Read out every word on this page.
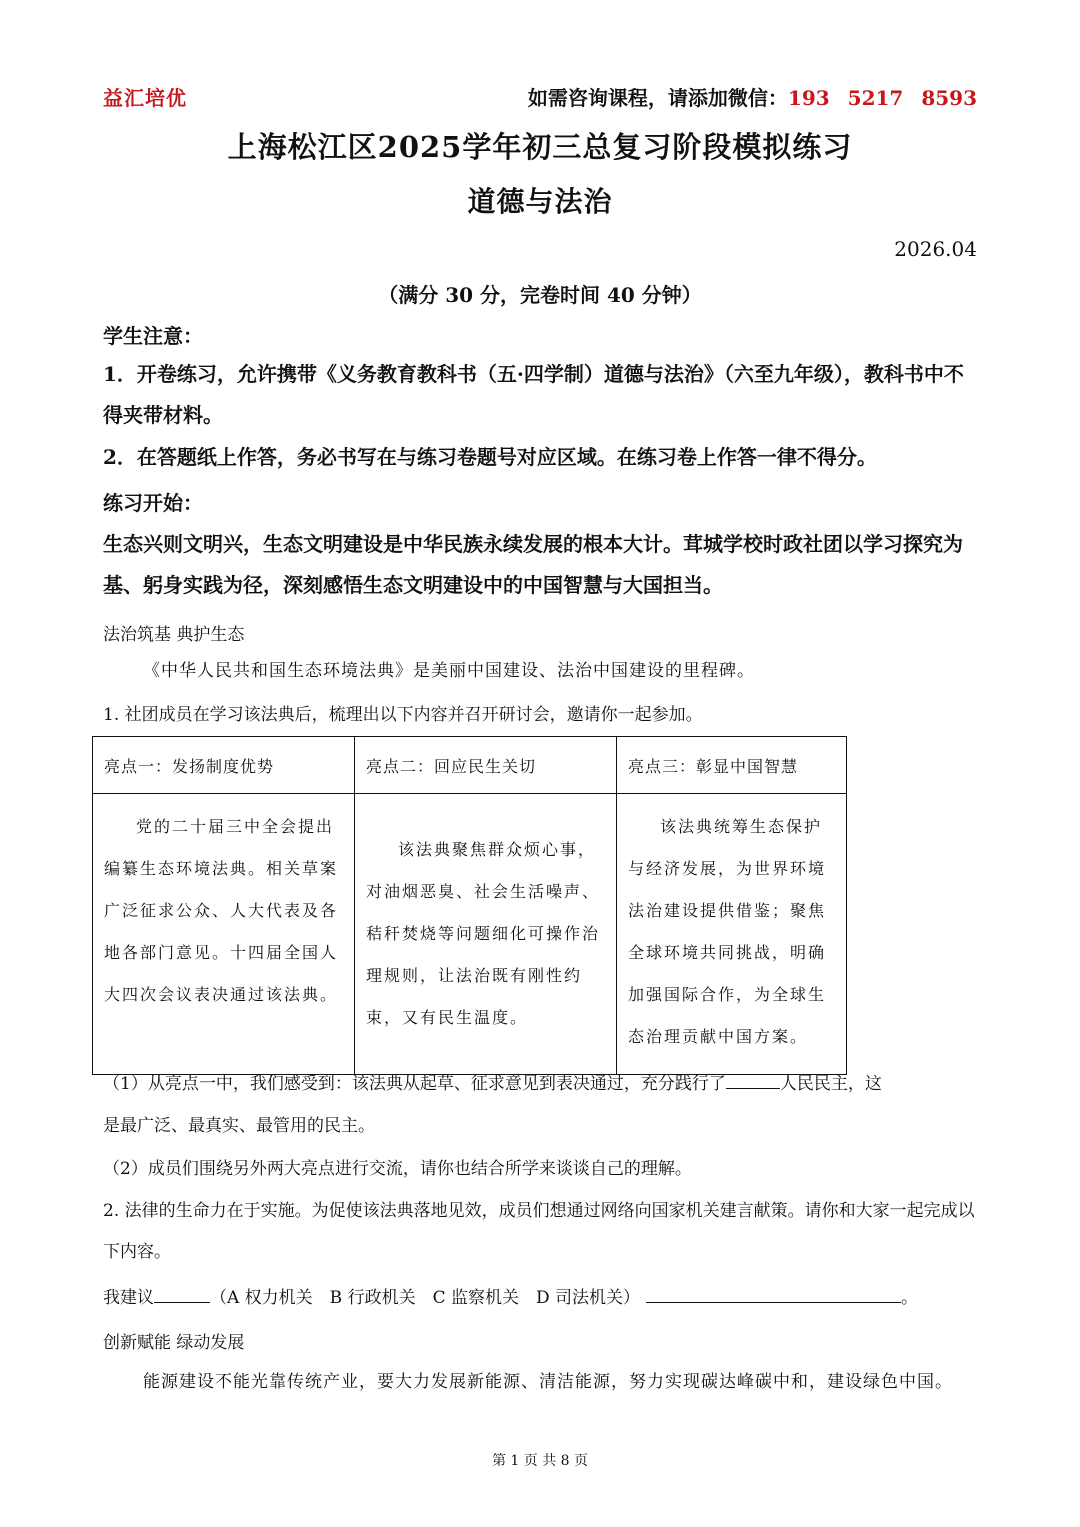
益汇培优	如需咨询课程，请添加微信：193 5217 8593
上海松江区2025学年初三总复习阶段模拟练习
道德与法治
2026.04
（满分 30 分，完卷时间 40 分钟）
学生注意：
1．开卷练习，允许携带《义务教育教科书（五·四学制）道德与法治》（六至九年级），教科书中不得夹带材料。
2．在答题纸上作答，务必书写在与练习卷题号对应区域。在练习卷上作答一律不得分。
练习开始：
生态兴则文明兴，生态文明建设是中华民族永续发展的根本大计。茸城学校时政社团以学习探究为基、躬身实践为径，深刻感悟生态文明建设中的中国智慧与大国担当。
法治筑基 典护生态
《中华人民共和国生态环境法典》是美丽中国建设、法治中国建设的里程碑。
1. 社团成员在学习该法典后，梳理出以下内容并召开研讨会，邀请你一起参加。
亮点一：发扬制度优势	亮点二：回应民生关切	亮点三：彰显中国智慧

党的二十届三中全会提出编纂生态环境法典。相关草案广泛征求公众、人大代表及各地各部门意见。十四届全国人大四次会议表决通过该法典。	该法典聚焦群众烦心事，对油烟恶臭、社会生活噪声、秸秆焚烧等问题细化可操作治理规则，让法治既有刚性约束，又有民生温度。	该法典统筹生态保护与经济发展，为世界环境法治建设提供借鉴；聚焦全球环境共同挑战，明确加强国际合作，为全球生态治理贡献中国方案。
（1）从亮点一中，我们感受到：该法典从起草、征求意见到表决通过，充分践行了	人民民主，这
是最广泛、最真实、最管用的民主。
（2）成员们围绕另外两大亮点进行交流，请你也结合所学来谈谈自己的理解。
2. 法律的生命力在于实施。为促使该法典落地见效，成员们想通过网络向国家机关建言献策。请你和大家一起完成以下内容。
我建议	（A 权力机关　B 行政机关　C 监察机关　D 司法机关）	。
创新赋能 绿动发展
能源建设不能光靠传统产业，要大力发展新能源、清洁能源，努力实现碳达峰碳中和，建设绿色中国。
第 1 页 共 8 页
